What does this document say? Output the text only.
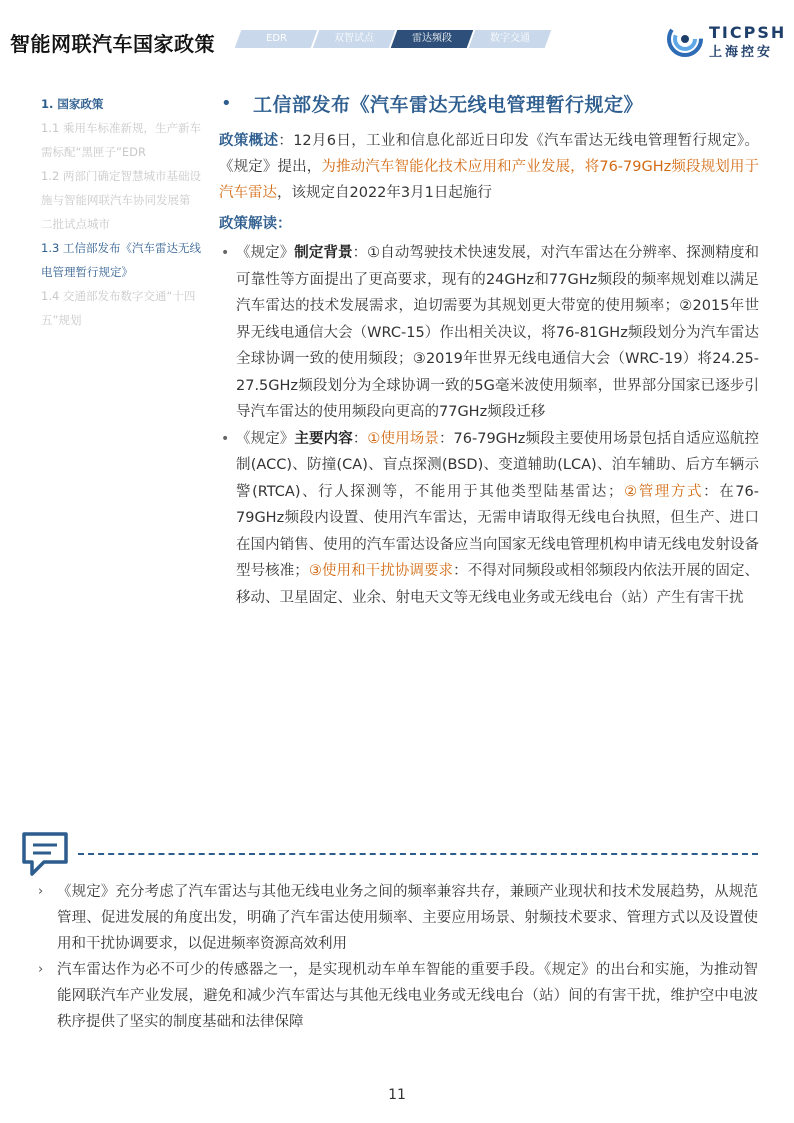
智能网联汽车国家政策	EDR	双智试点	雷达频段	数字交通	TICPSH
上海控安
1. 国家政策
1.1 乘用车标准新规，生产新车需标配“黑匣子”EDR
1.2 两部门确定智慧城市基础设施与智能网联汽车协同发展第二批试点城市
1.3 工信部发布《汽车雷达无线电管理暂行规定》
1.4 交通部发布数字交通“十四五”规划
• 工信部发布《汽车雷达无线电管理暂行规定》

政策概述：12月6日，工业和信息化部近日印发《汽车雷达无线电管理暂行规定》。《规定》提出，为推动汽车智能化技术应用和产业发展，将76-79GHz频段规划用于汽车雷达，该规定自2022年3月1日起施行

政策解读：
• 《规定》制定背景：①自动驾驶技术快速发展，对汽车雷达在分辨率、探测精度和可靠性等方面提出了更高要求，现有的24GHz和77GHz频段的频率规划难以满足汽车雷达的技术发展需求，迫切需要为其规划更大带宽的使用频率；②2015年世界无线电通信大会（WRC-15）作出相关决议，将76-81GHz频段划分为汽车雷达全球协调一致的使用频段；③2019年世界无线电通信大会（WRC-19）将24.25-27.5GHz频段划分为全球协调一致的5G毫米波使用频率，世界部分国家已逐步引导汽车雷达的使用频段向更高的77GHz频段迁移
• 《规定》主要内容：①使用场景：76-79GHz频段主要使用场景包括自适应巡航控制(ACC)、防撞(CA)、盲点探测(BSD)、变道辅助(LCA)、泊车辅助、后方车辆示警(RTCA)、行人探测等，不能用于其他类型陆基雷达；②管理方式：在76-79GHz频段内设置、使用汽车雷达，无需申请取得无线电台执照，但生产、进口在国内销售、使用的汽车雷达设备应当向国家无线电管理机构申请无线电发射设备型号核准；③使用和干扰协调要求：不得对同频段或相邻频段内依法开展的固定、移动、卫星固定、业余、射电天文等无线电业务或无线电台（站）产生有害干扰
› 《规定》充分考虑了汽车雷达与其他无线电业务之间的频率兼容共存，兼顾产业现状和技术发展趋势，从规范管理、促进发展的角度出发，明确了汽车雷达使用频率、主要应用场景、射频技术要求、管理方式以及设置使用和干扰协调要求，以促进频率资源高效利用
› 汽车雷达作为必不可少的传感器之一，是实现机动车单车智能的重要手段。《规定》的出台和实施，为推动智能网联汽车产业发展，避免和减少汽车雷达与其他无线电业务或无线电台（站）间的有害干扰，维护空中电波秩序提供了坚实的制度基础和法律保障
11
